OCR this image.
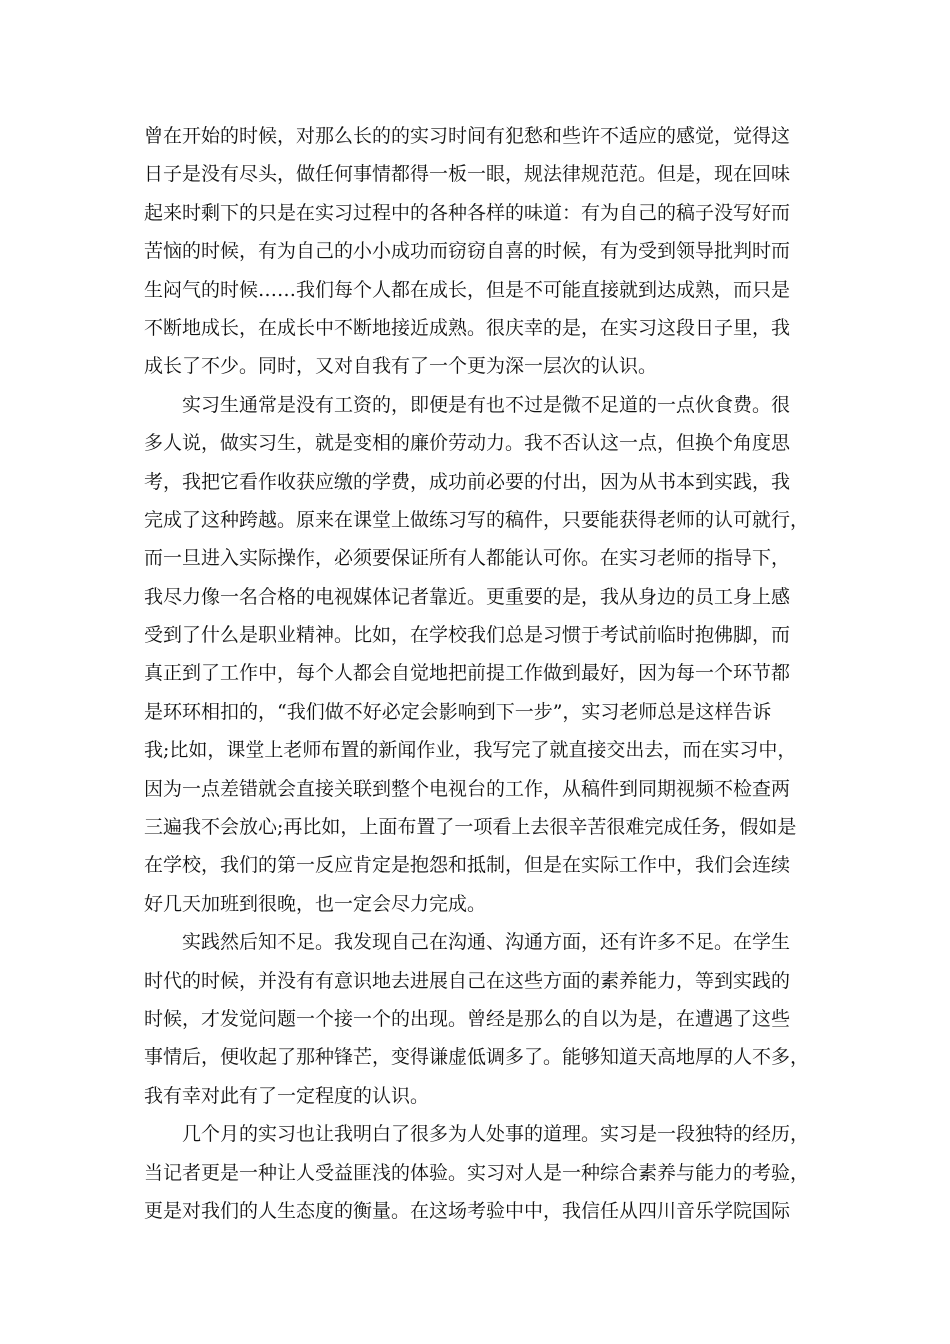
曾在开始的时候，对那么长的的实习时间有犯愁和些许不适应的感觉，觉得这
日子是没有尽头，做任何事情都得一板一眼，规法律规范范。但是，现在回味
起来时剩下的只是在实习过程中的各种各样的味道：有为自己的稿子没写好而
苦恼的时候，有为自己的小小成功而窃窃自喜的时候，有为受到领导批判时而
生闷气的时候……我们每个人都在成长，但是不可能直接就到达成熟，而只是
不断地成长，在成长中不断地接近成熟。很庆幸的是，在实习这段日子里，我
成长了不少。同时，又对自我有了一个更为深一层次的认识。
　　实习生通常是没有工资的，即便是有也不过是微不足道的一点伙食费。很
多人说，做实习生，就是变相的廉价劳动力。我不否认这一点，但换个角度思
考，我把它看作收获应缴的学费，成功前必要的付出，因为从书本到实践，我
完成了这种跨越。原来在课堂上做练习写的稿件，只要能获得老师的认可就行，
而一旦进入实际操作，必须要保证所有人都能认可你。在实习老师的指导下，
我尽力像一名合格的电视媒体记者靠近。更重要的是，我从身边的员工身上感
受到了什么是职业精神。比如，在学校我们总是习惯于考试前临时抱佛脚，而
真正到了工作中，每个人都会自觉地把前提工作做到最好，因为每一个环节都
是环环相扣的，“我们做不好必定会影响到下一步”，实习老师总是这样告诉
我;比如，课堂上老师布置的新闻作业，我写完了就直接交出去，而在实习中，
因为一点差错就会直接关联到整个电视台的工作，从稿件到同期视频不检查两
三遍我不会放心;再比如，上面布置了一项看上去很辛苦很难完成任务，假如是
在学校，我们的第一反应肯定是抱怨和抵制，但是在实际工作中，我们会连续
好几天加班到很晚，也一定会尽力完成。
　　实践然后知不足。我发现自己在沟通、沟通方面，还有许多不足。在学生
时代的时候，并没有有意识地去进展自己在这些方面的素养能力，等到实践的
时候，才发觉问题一个接一个的出现。曾经是那么的自以为是，在遭遇了这些
事情后，便收起了那种锋芒，变得谦虚低调多了。能够知道天高地厚的人不多，
我有幸对此有了一定程度的认识。
　　几个月的实习也让我明白了很多为人处事的道理。实习是一段独特的经历，
当记者更是一种让人受益匪浅的体验。实习对人是一种综合素养与能力的考验，
更是对我们的人生态度的衡量。在这场考验中中，我信任从四川音乐学院国际
